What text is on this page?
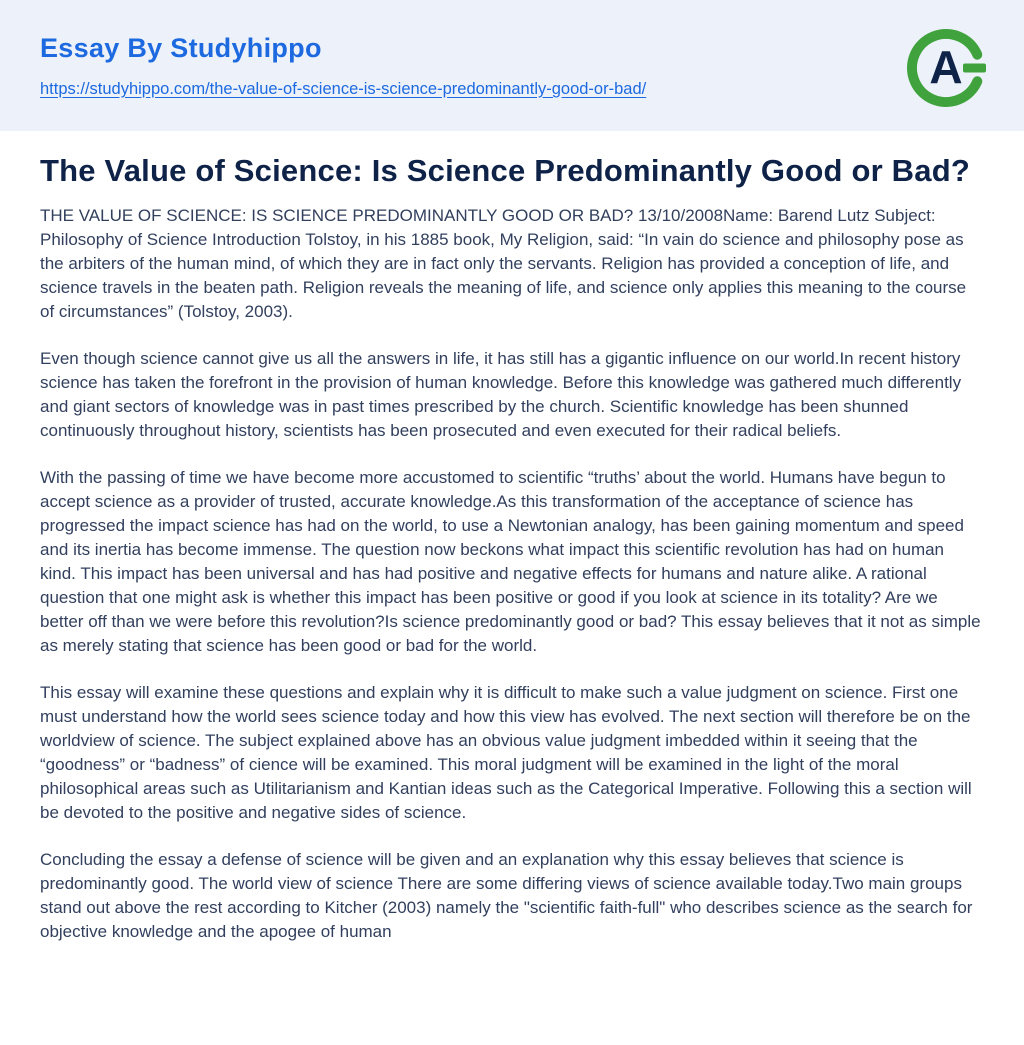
Essay By Studyhippo
https://studyhippo.com/the-value-of-science-is-science-predominantly-good-or-bad/	A
The Value of Science: Is Science Predominantly Good or Bad?

THE VALUE OF SCIENCE: IS SCIENCE PREDOMINANTLY GOOD OR BAD? 13/10/2008Name: Barend Lutz Subject: Philosophy of Science Introduction Tolstoy, in his 1885 book, My Religion, said: “In vain do science and philosophy pose as the arbiters of the human mind, of which they are in fact only the servants. Religion has provided a conception of life, and science travels in the beaten path. Religion reveals the meaning of life, and science only applies this meaning to the course of circumstances” (Tolstoy, 2003).

Even though science cannot give us all the answers in life, it has still has a gigantic influence on our world.In recent history science has taken the forefront in the provision of human knowledge. Before this knowledge was gathered much differently and giant sectors of knowledge was in past times prescribed by the church. Scientific knowledge has been shunned continuously throughout history, scientists has been prosecuted and even executed for their radical beliefs.

With the passing of time we have become more accustomed to scientific “truths’ about the world. Humans have begun to accept science as a provider of trusted, accurate knowledge.As this transformation of the acceptance of science has progressed the impact science has had on the world, to use a Newtonian analogy, has been gaining momentum and speed and its inertia has become immense. The question now beckons what impact this scientific revolution has had on human kind. This impact has been universal and has had positive and negative effects for humans and nature alike. A rational question that one might ask is whether this impact has been positive or good if you look at science in its totality? Are we better off than we were before this revolution?Is science predominantly good or bad? This essay believes that it not as simple as merely stating that science has been good or bad for the world.

This essay will examine these questions and explain why it is difficult to make such a value judgment on science. First one must understand how the world sees science today and how this view has evolved. The next section will therefore be on the worldview of science. The subject explained above has an obvious value judgment imbedded within it seeing that the “goodness” or “badness” of cience will be examined. This moral judgment will be examined in the light of the moral philosophical areas such as Utilitarianism and Kantian ideas such as the Categorical Imperative. Following this a section will be devoted to the positive and negative sides of science.

Concluding the essay a defense of science will be given and an explanation why this essay believes that science is predominantly good. The world view of science There are some differing views of science available today.Two main groups stand out above the rest according to Kitcher (2003) namely the "scientific faith-full" who describes science as the search for objective knowledge and the apogee of human
